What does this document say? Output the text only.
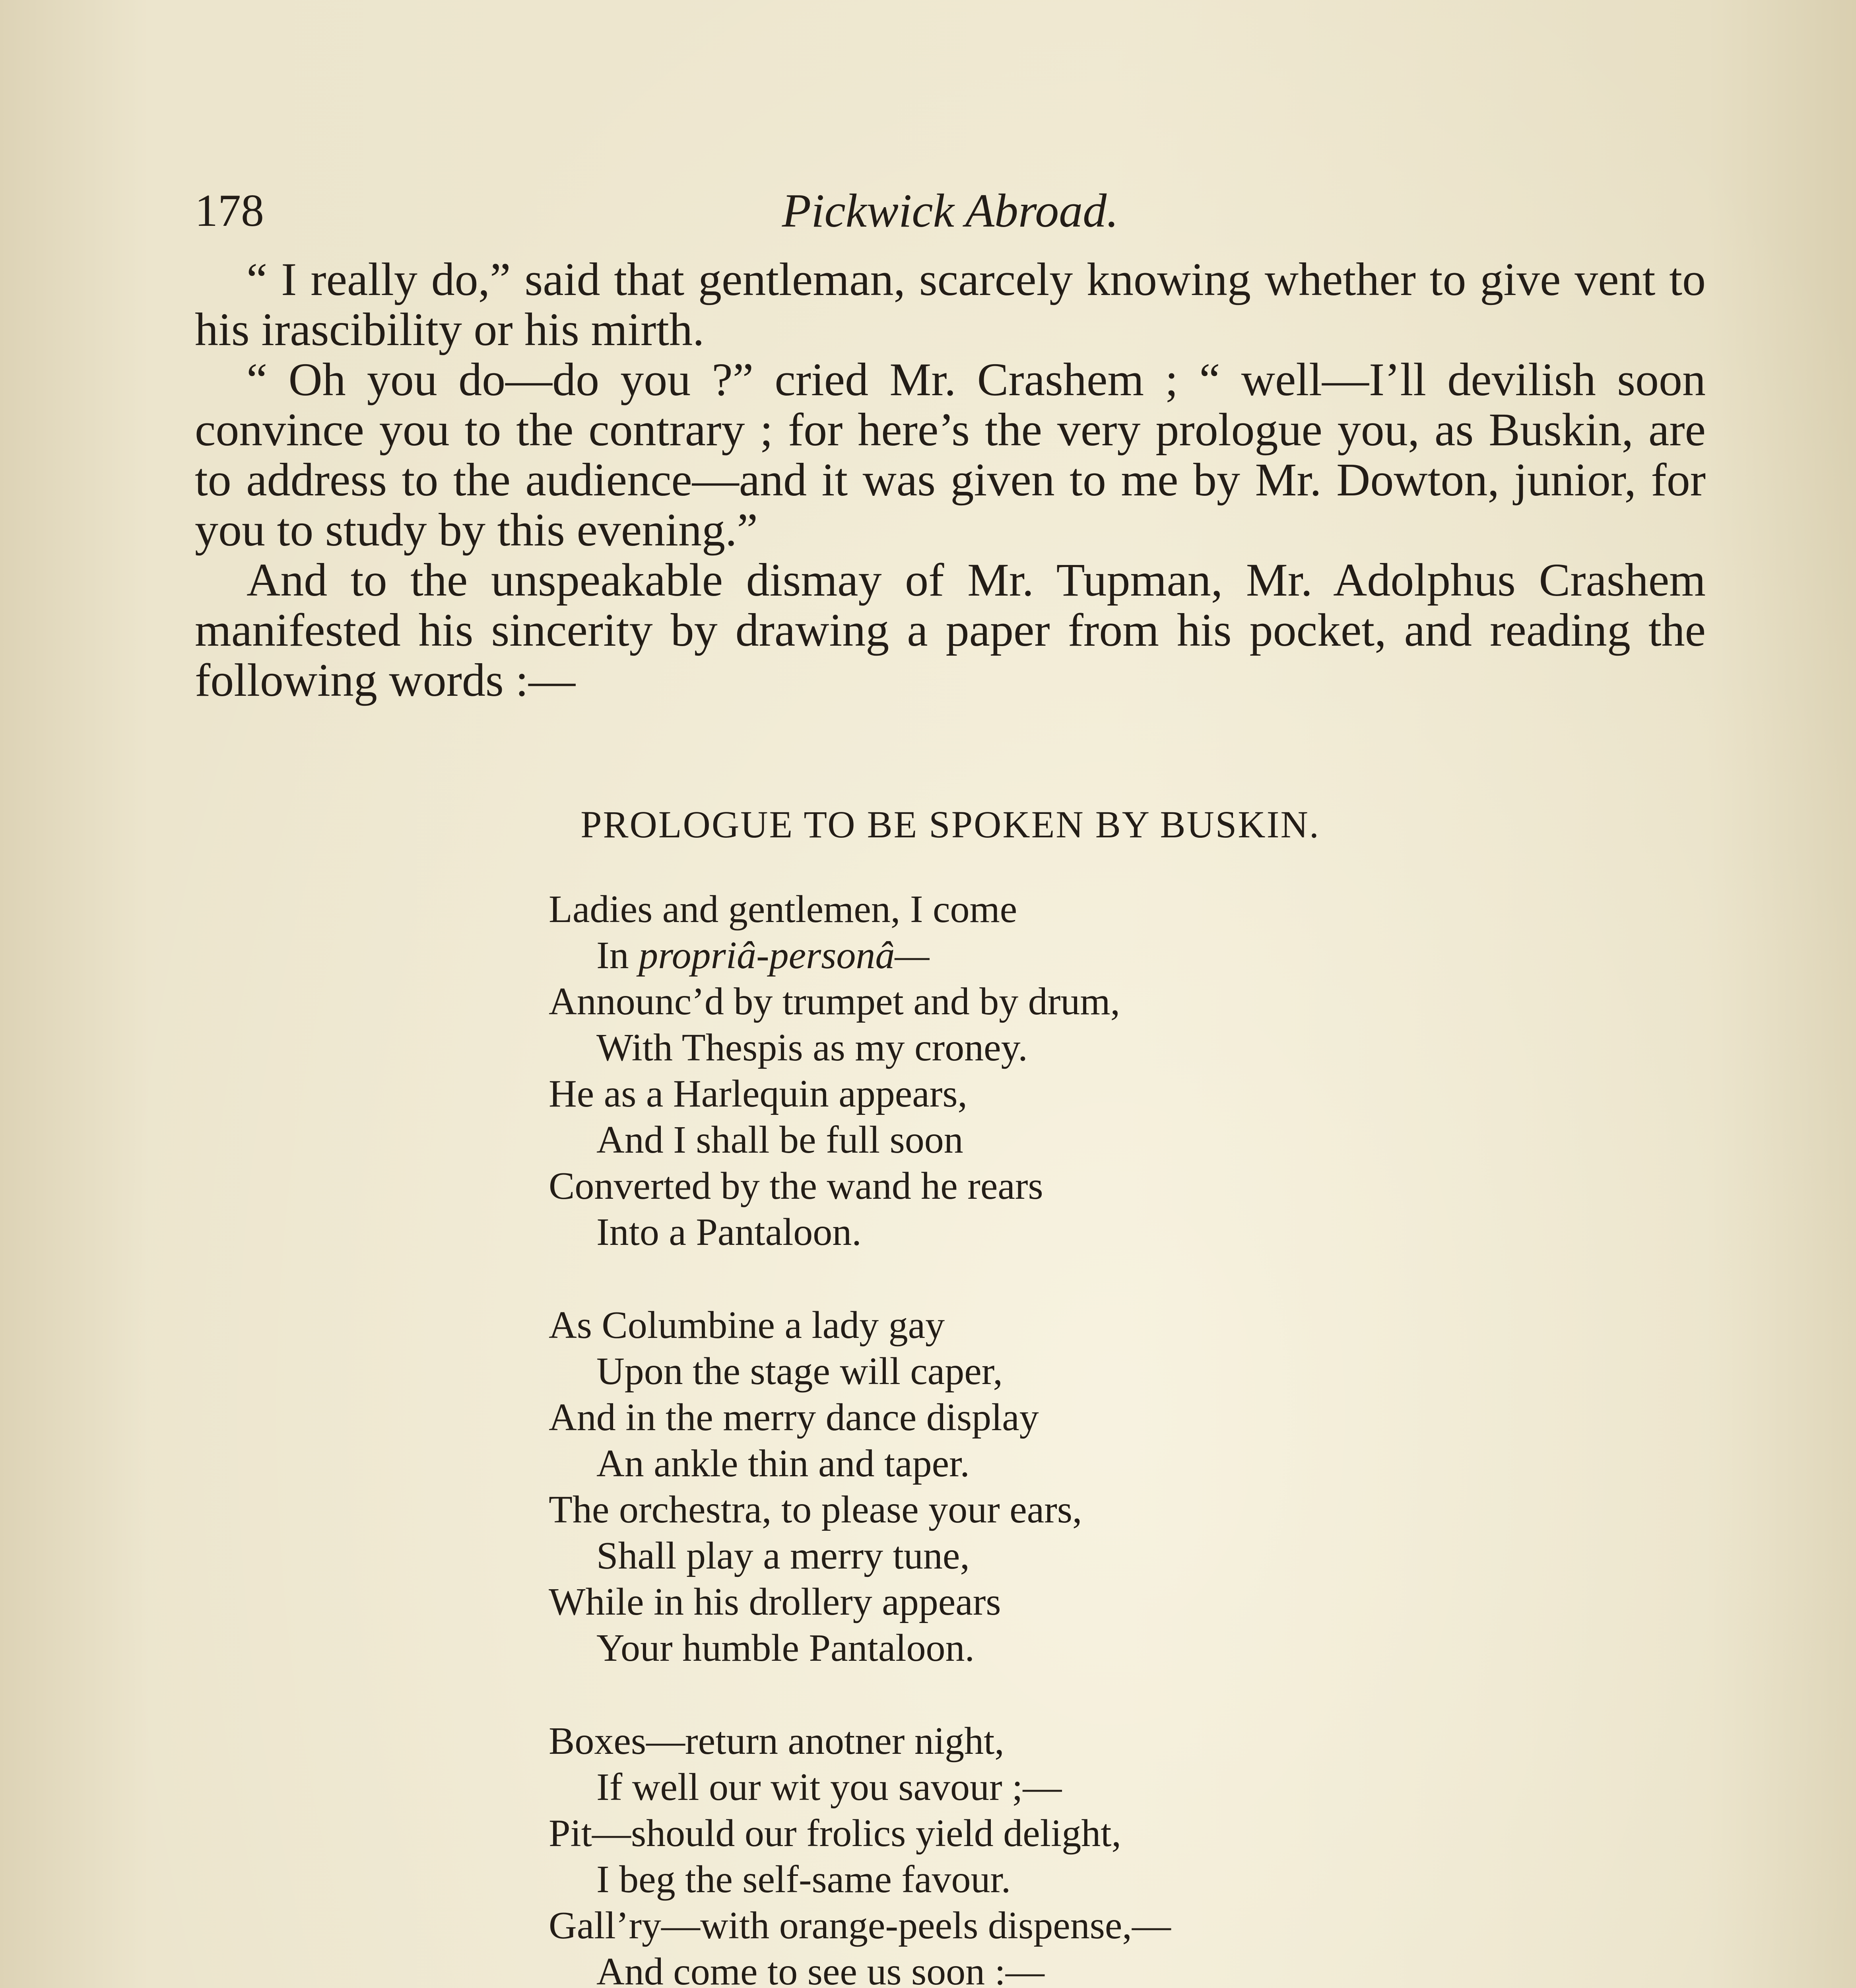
178	Pickwick Abroad.

“ I really do,” said that gentleman, scarcely knowing whether to give vent to his irascibility or his mirth.

“ Oh you do—do you ?” cried Mr. Crashem ; “ well—I’ll devilish soon convince you to the contrary ; for here’s the very prologue you, as Buskin, are to address to the audience—and it was given to me by Mr. Dowton, junior, for you to study by this evening.”

And to the unspeakable dismay of Mr. Tupman, Mr. Adolphus Crashem manifested his sincerity by drawing a paper from his pocket, and reading the following words :—

PROLOGUE TO BE SPOKEN BY BUSKIN.
Ladies and gentlemen, I come
In propriâ-personâ—
Announc’d by trumpet and by drum,
With Thespis as my croney.
He as a Harlequin appears,
And I shall be full soon
Converted by the wand he rears
Into a Pantaloon.
As Columbine a lady gay
Upon the stage will caper,
And in the merry dance display
An ankle thin and taper.
The orchestra, to please your ears,
Shall play a merry tune,
While in his drollery appears
Your humble Pantaloon.
Boxes—return anotner night,
If well our wit you savour ;—
Pit—should our frolics yield delight,
I beg the self-same favour.
Gall’ry—with orange-peels dispense,—
And come to see us soon :—
